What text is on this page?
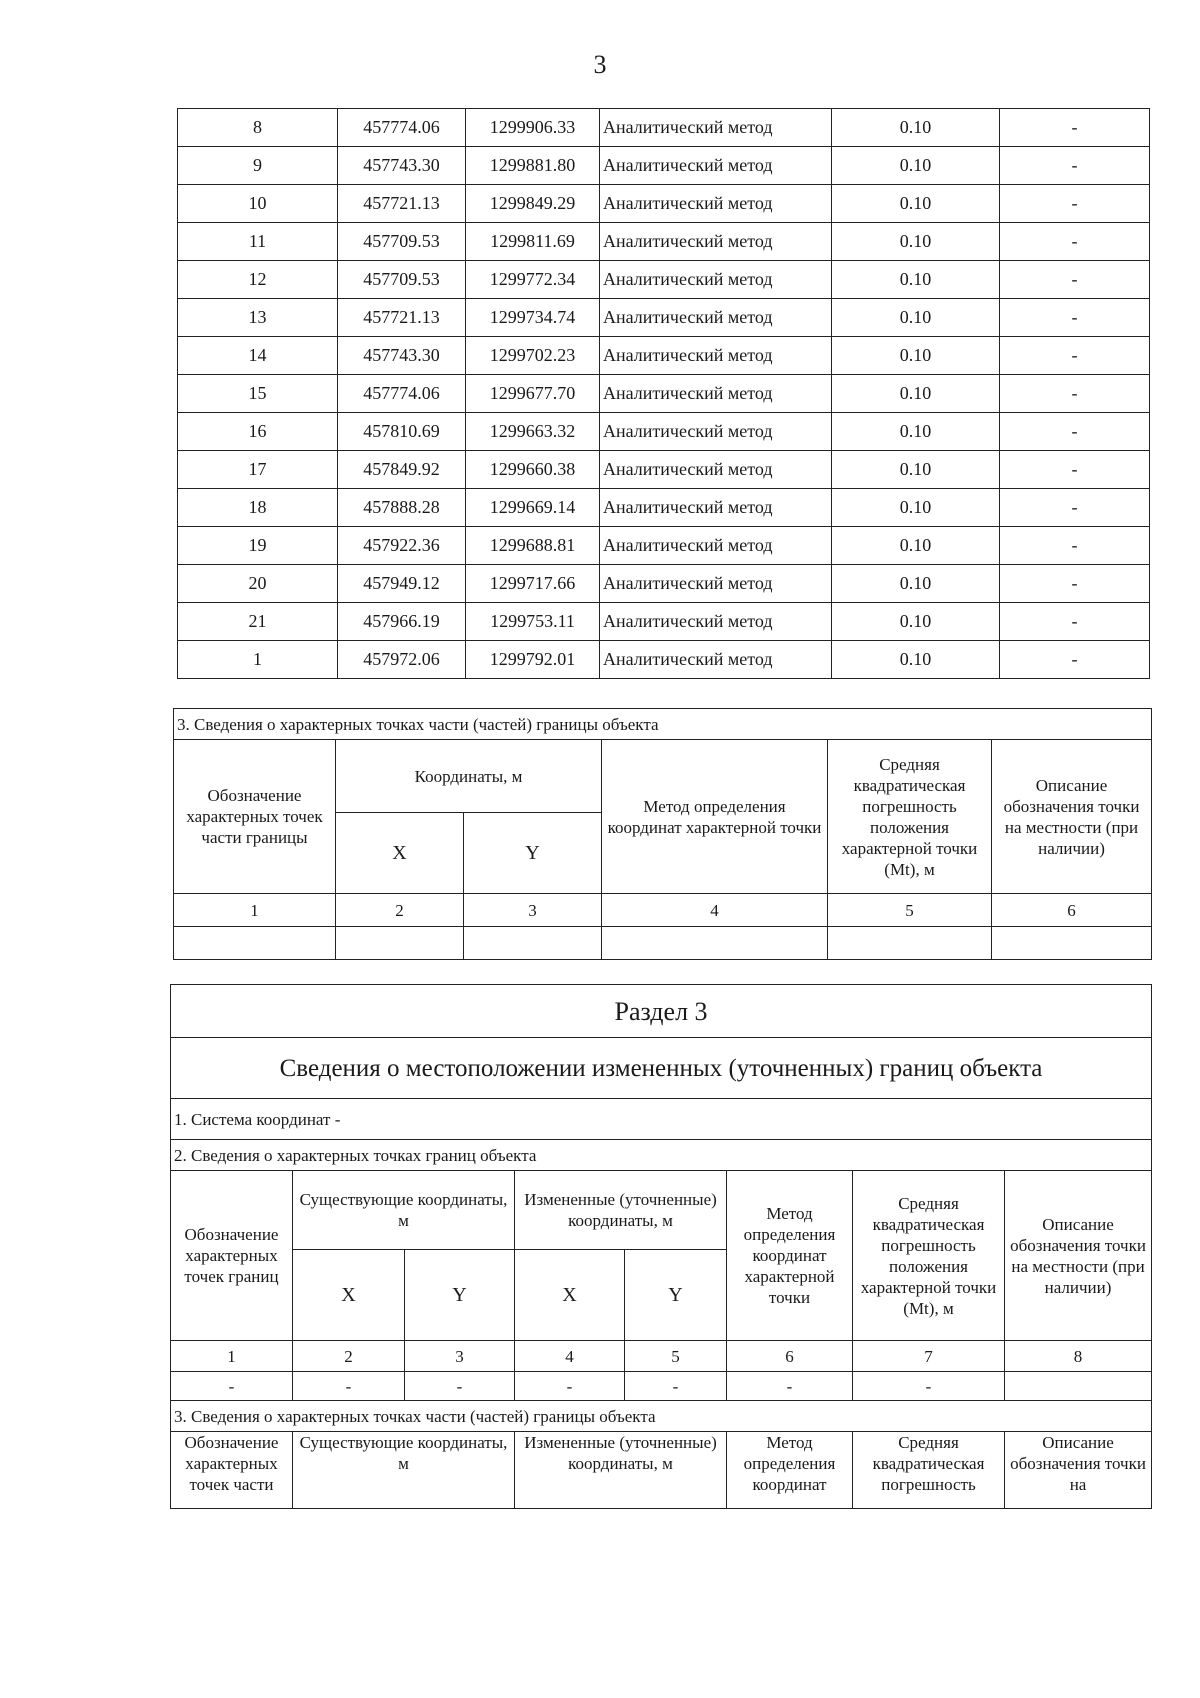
3
8	457774.06	1299906.33	Аналитический метод	0.10	-
9	457743.30	1299881.80	Аналитический метод	0.10	-
10	457721.13	1299849.29	Аналитический метод	0.10	-
11	457709.53	1299811.69	Аналитический метод	0.10	-
12	457709.53	1299772.34	Аналитический метод	0.10	-
13	457721.13	1299734.74	Аналитический метод	0.10	-
14	457743.30	1299702.23	Аналитический метод	0.10	-
15	457774.06	1299677.70	Аналитический метод	0.10	-
16	457810.69	1299663.32	Аналитический метод	0.10	-
17	457849.92	1299660.38	Аналитический метод	0.10	-
18	457888.28	1299669.14	Аналитический метод	0.10	-
19	457922.36	1299688.81	Аналитический метод	0.10	-
20	457949.12	1299717.66	Аналитический метод	0.10	-
21	457966.19	1299753.11	Аналитический метод	0.10	-
1	457972.06	1299792.01	Аналитический метод	0.10	-
3. Сведения о характерных точках части (частей) границы объекта					
Обозначение характерных точек части границы	Координаты, м		Метод определения координат характерной точки	Средняя квадратическая погрешность положения характерной точки (Mt), м	Описание обозначения точки на местности (при наличии)
	X	Y			
1	2	3	4	5	6

Раздел 3							
Сведения о местоположении измененных (уточненных) границ объекта							
1. Система координат -							
2. Сведения о характерных точках границ объекта							
Обозначение характерных точек границ	Существующие координаты, м		Измененные (уточненные) координаты, м		Метод определения координат характерной точки	Средняя квадратическая погрешность положения характерной точки (Mt), м	Описание обозначения точки на местности (при наличии)
	X	Y	X	Y			
1	2	3	4	5	6	7	8
-	-	-	-	-	-	-	
3. Сведения о характерных точках части (частей) границы объекта							
Обозначение характерных точек части	Существующие координаты, м		Измененные (уточненные) координаты, м		Метод определения координат	Средняя квадратическая погрешность	Описание обозначения точки на
